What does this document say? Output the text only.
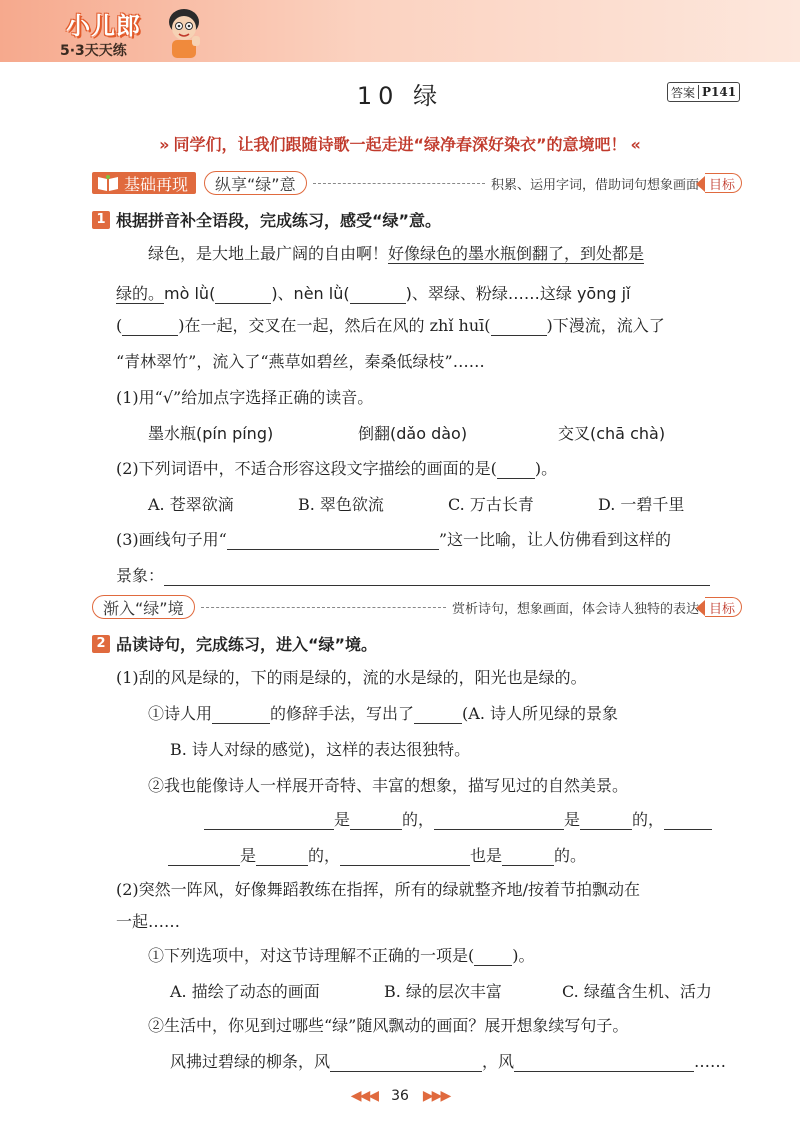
小儿郎
5·3天天练
10 绿	答案 P141
» 同学们，让我们跟随诗歌一起走进“绿净春深好染衣”的意境吧！ «
基础再现	纵享“绿”意	积累、运用字词，借助词句想象画面 目标
1 根据拼音补全语段，完成练习，感受“绿”意。
绿色，是大地上最广阔的自由啊！好像绿色的墨水瓶倒翻了，到处都是
绿的。mò lǜ(	)、nèn lǜ(	)、翠绿、粉绿……这绿 yōng jǐ
(	)在一起，交叉在一起，然后在风的 zhǐ huī(	)下漫流，流入了
“青林翠竹”，流入了“燕草如碧丝，秦桑低绿枝”……
(1)用“√”给加点字选择正确的读音。
墨水瓶(pín píng)	倒翻(dǎo dào)	交叉(chā chà)
(2)下列词语中，不适合形容这段文字描绘的画面的是( )。
A. 苍翠欲滴	B. 翠色欲流	C. 万古长青	D. 一碧千里
(3)画线句子用“	”这一比喻，让人仿佛看到这样的
景象：
渐入“绿”境	赏析诗句，想象画面，体会诗人独特的表达 目标
2 品读诗句，完成练习，进入“绿”境。
(1)刮的风是绿的，下的雨是绿的，流的水是绿的，阳光也是绿的。
①诗人用	的修辞手法，写出了	(A. 诗人所见绿的景象
B. 诗人对绿的感觉)，这样的表达很独特。
②我也能像诗人一样展开奇特、丰富的想象，描写见过的自然美景。
是	的，	是	的，
是	的，	也是	的。
(2)突然一阵风，好像舞蹈教练在指挥，所有的绿就整齐地/按着节拍飘动在
一起……
①下列选项中，对这节诗理解不正确的一项是( )。
A. 描绘了动态的画面	B. 绿的层次丰富	C. 绿蕴含生机、活力
②生活中，你见到过哪些“绿”随风飘动的画面？展开想象续写句子。
风拂过碧绿的柳条，风	，风	……
◀◀◀ 36 ▶▶▶
